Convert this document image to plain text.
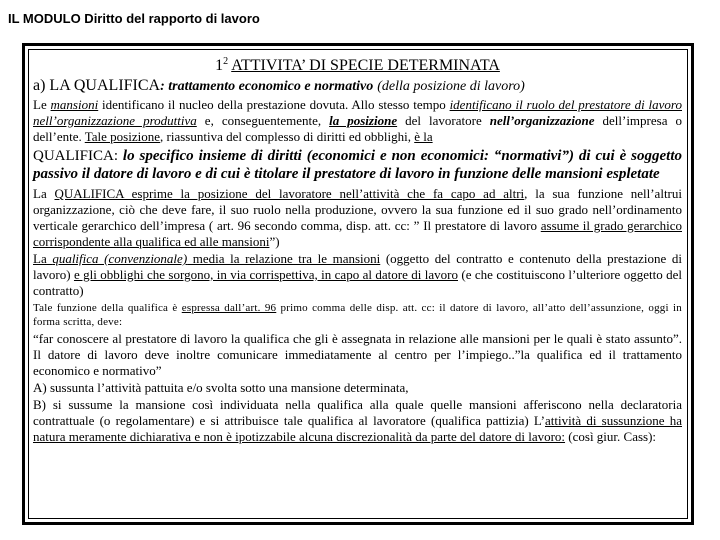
IL MODULO Diritto del rapporto di lavoro
$1^2$ ATTIVITA’ DI SPECIE DETERMINATA
a) LA QUALIFICA: trattamento economico e normativo (della posizione di lavoro)
Le mansioni identificano il nucleo della prestazione dovuta. Allo stesso tempo identificano il ruolo del prestatore di lavoro nell’organizzazione produttiva e, conseguentemente, la posizione del lavoratore nell’organizzazione dell’impresa o dell’ente. Tale posizione, riassuntiva del complesso di diritti ed obblighi, è la
QUALIFICA: lo specifico insieme di diritti (economici e non economici: “normativi”) di cui è soggetto passivo il datore di lavoro e di cui è titolare il prestatore di lavoro in funzione delle mansioni espletate
La QUALIFICA esprime la posizione del lavoratore nell’attività che fa capo ad altri, la sua funzione nell’altrui organizzazione, ciò che deve fare, il suo ruolo nella produzione, ovvero la sua funzione ed il suo grado nell’ordinamento verticale gerarchico dell’impresa ( art. 96 secondo comma, disp. att. cc: ” Il prestatore di lavoro assume il grado gerarchico corrispondente alla qualifica ed alle mansioni”)
La qualifica (convenzionale) media la relazione tra le mansioni (oggetto del contratto e contenuto della prestazione di lavoro) e gli obblighi che sorgono, in via corrispettiva, in capo al datore di lavoro (e che costituiscono l’ulteriore oggetto del contratto)
Tale funzione della qualifica è espressa dall’art. 96 primo comma delle disp. att. cc: il datore di lavoro, all’atto dell’assunzione, oggi in forma scritta, deve:
“far conoscere al prestatore di lavoro la qualifica che gli è assegnata in relazione alle mansioni per le quali è stato assunto”. Il datore di lavoro deve inoltre comunicare immediatamente al centro per l’impiego..”la qualifica ed il trattamento economico e normativo”
A) sussunta l’attività pattuita e/o svolta sotto una mansione determinata,
B) si sussume la mansione così individuata nella qualifica alla quale quelle mansioni afferiscono nella declaratoria contrattuale (o regolamentare) e si attribuisce tale qualifica al lavoratore (qualifica pattizia) L’attività di sussunzione ha natura meramente dichiarativa e non è ipotizzabile alcuna discrezionalità da parte del datore di lavoro: (così giur. Cass):
